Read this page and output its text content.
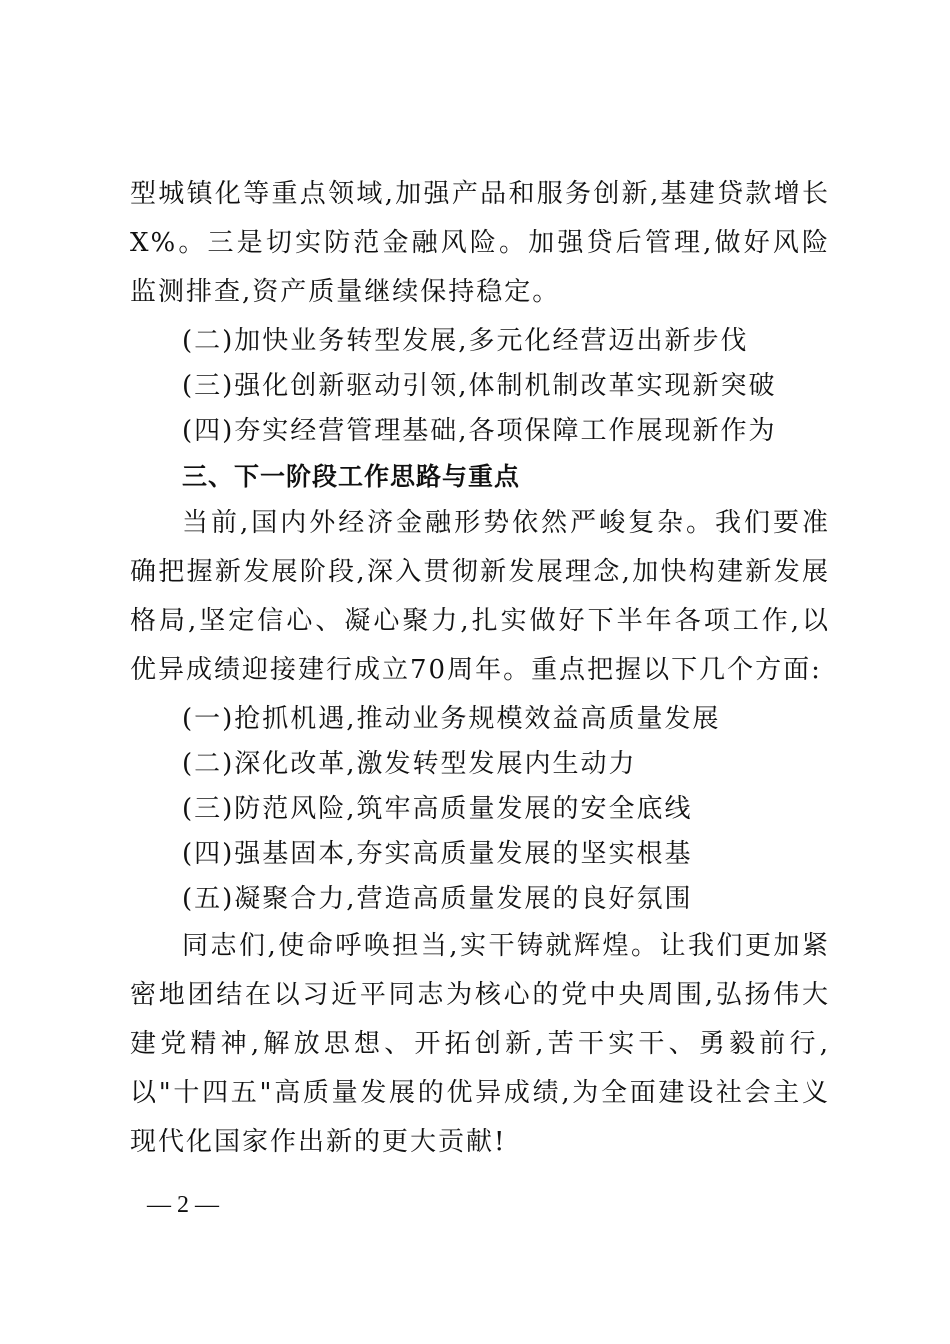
型城镇化等重点领域,加强产品和服务创新,基建贷款增长 X%。三是切实防范金融风险。加强贷后管理,做好风险监测排查,资产质量继续保持稳定。

(二)加快业务转型发展,多元化经营迈出新步伐

(三)强化创新驱动引领,体制机制改革实现新突破

(四)夯实经营管理基础,各项保障工作展现新作为

三、下一阶段工作思路与重点

当前,国内外经济金融形势依然严峻复杂。我们要准确把握新发展阶段,深入贯彻新发展理念,加快构建新发展格局,坚定信心、凝心聚力,扎实做好下半年各项工作,以优异成绩迎接建行成立70周年。重点把握以下几个方面:

(一)抢抓机遇,推动业务规模效益高质量发展

(二)深化改革,激发转型发展内生动力

(三)防范风险,筑牢高质量发展的安全底线

(四)强基固本,夯实高质量发展的坚实根基

(五)凝聚合力,营造高质量发展的良好氛围

同志们,使命呼唤担当,实干铸就辉煌。让我们更加紧密地团结在以习近平同志为核心的党中央周围,弘扬伟大建党精神,解放思想、开拓创新,苦干实干、勇毅前行,以"十四五"高质量发展的优异成绩,为全面建设社会主义现代化国家作出新的更大贡献!

— 2 —
